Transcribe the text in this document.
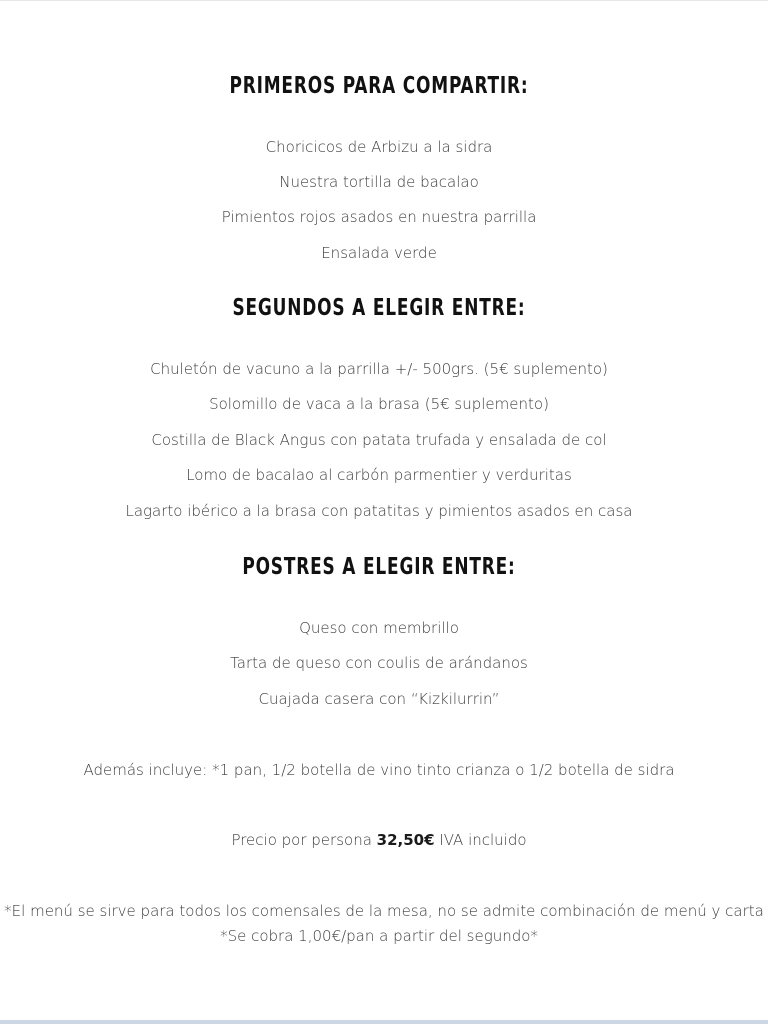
PRIMEROS PARA COMPARTIR:

Choricicos de Arbizu a la sidra

Nuestra tortilla de bacalao

Pimientos rojos asados en nuestra parrilla

Ensalada verde

SEGUNDOS A ELEGIR ENTRE:

Chuletón de vacuno a la parrilla +/- 500grs. (5€ suplemento)

Solomillo de vaca a la brasa (5€ suplemento)

Costilla de Black Angus con patata trufada y ensalada de col

Lomo de bacalao al carbón parmentier y verduritas

Lagarto ibérico a la brasa con patatitas y pimientos asados en casa

POSTRES A ELEGIR ENTRE:

Queso con membrillo

Tarta de queso con coulis de arándanos

Cuajada casera con “Kizkilurrin”

Además incluye: *1 pan, 1/2 botella de vino tinto crianza o 1/2 botella de sidra

Precio por persona 32,50€ IVA incluido

*El menú se sirve para todos los comensales de la mesa, no se admite combinación de menú y carta

*Se cobra 1,00€/pan a partir del segundo*
